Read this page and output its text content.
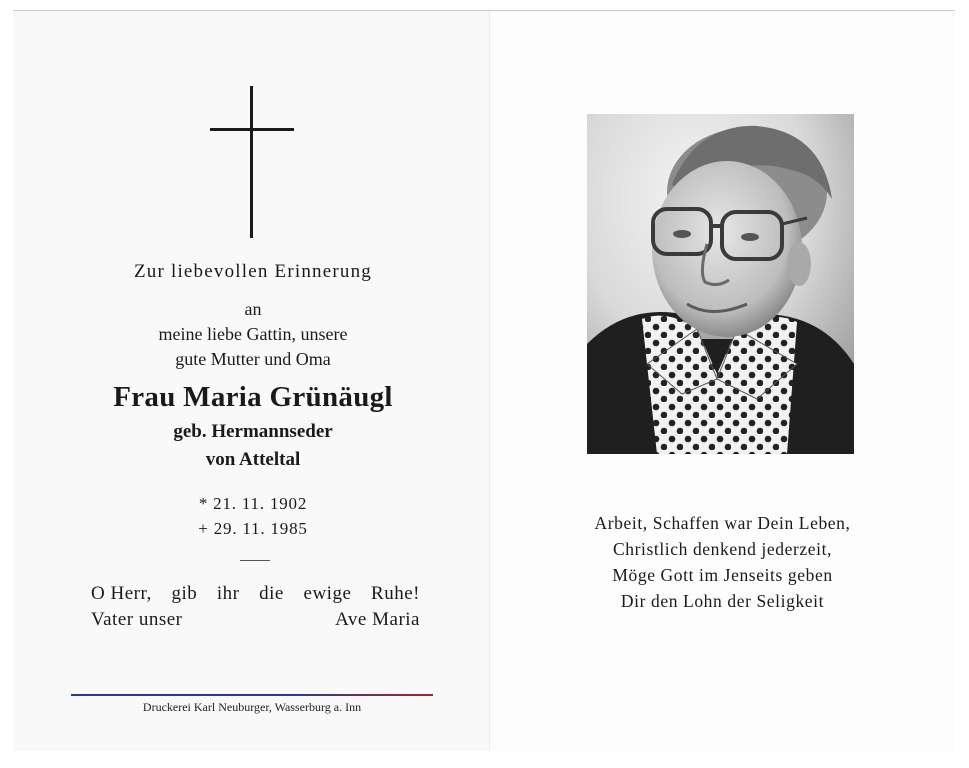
Zur liebevollen Erinnerung
an
meine liebe Gattin, unsere
gute Mutter und Oma
Frau Maria Grünäugl
geb. Hermannseder
von Atteltal
* 21. 11. 1902
+ 29. 11. 1985
O Herr, gib ihr die ewige Ruhe!
Vater unser	Ave Maria
Druckerei Karl Neuburger, Wasserburg a. Inn
Arbeit, Schaffen war Dein Leben,
Christlich denkend jederzeit,
Möge Gott im Jenseits geben
Dir den Lohn der Seligkeit
